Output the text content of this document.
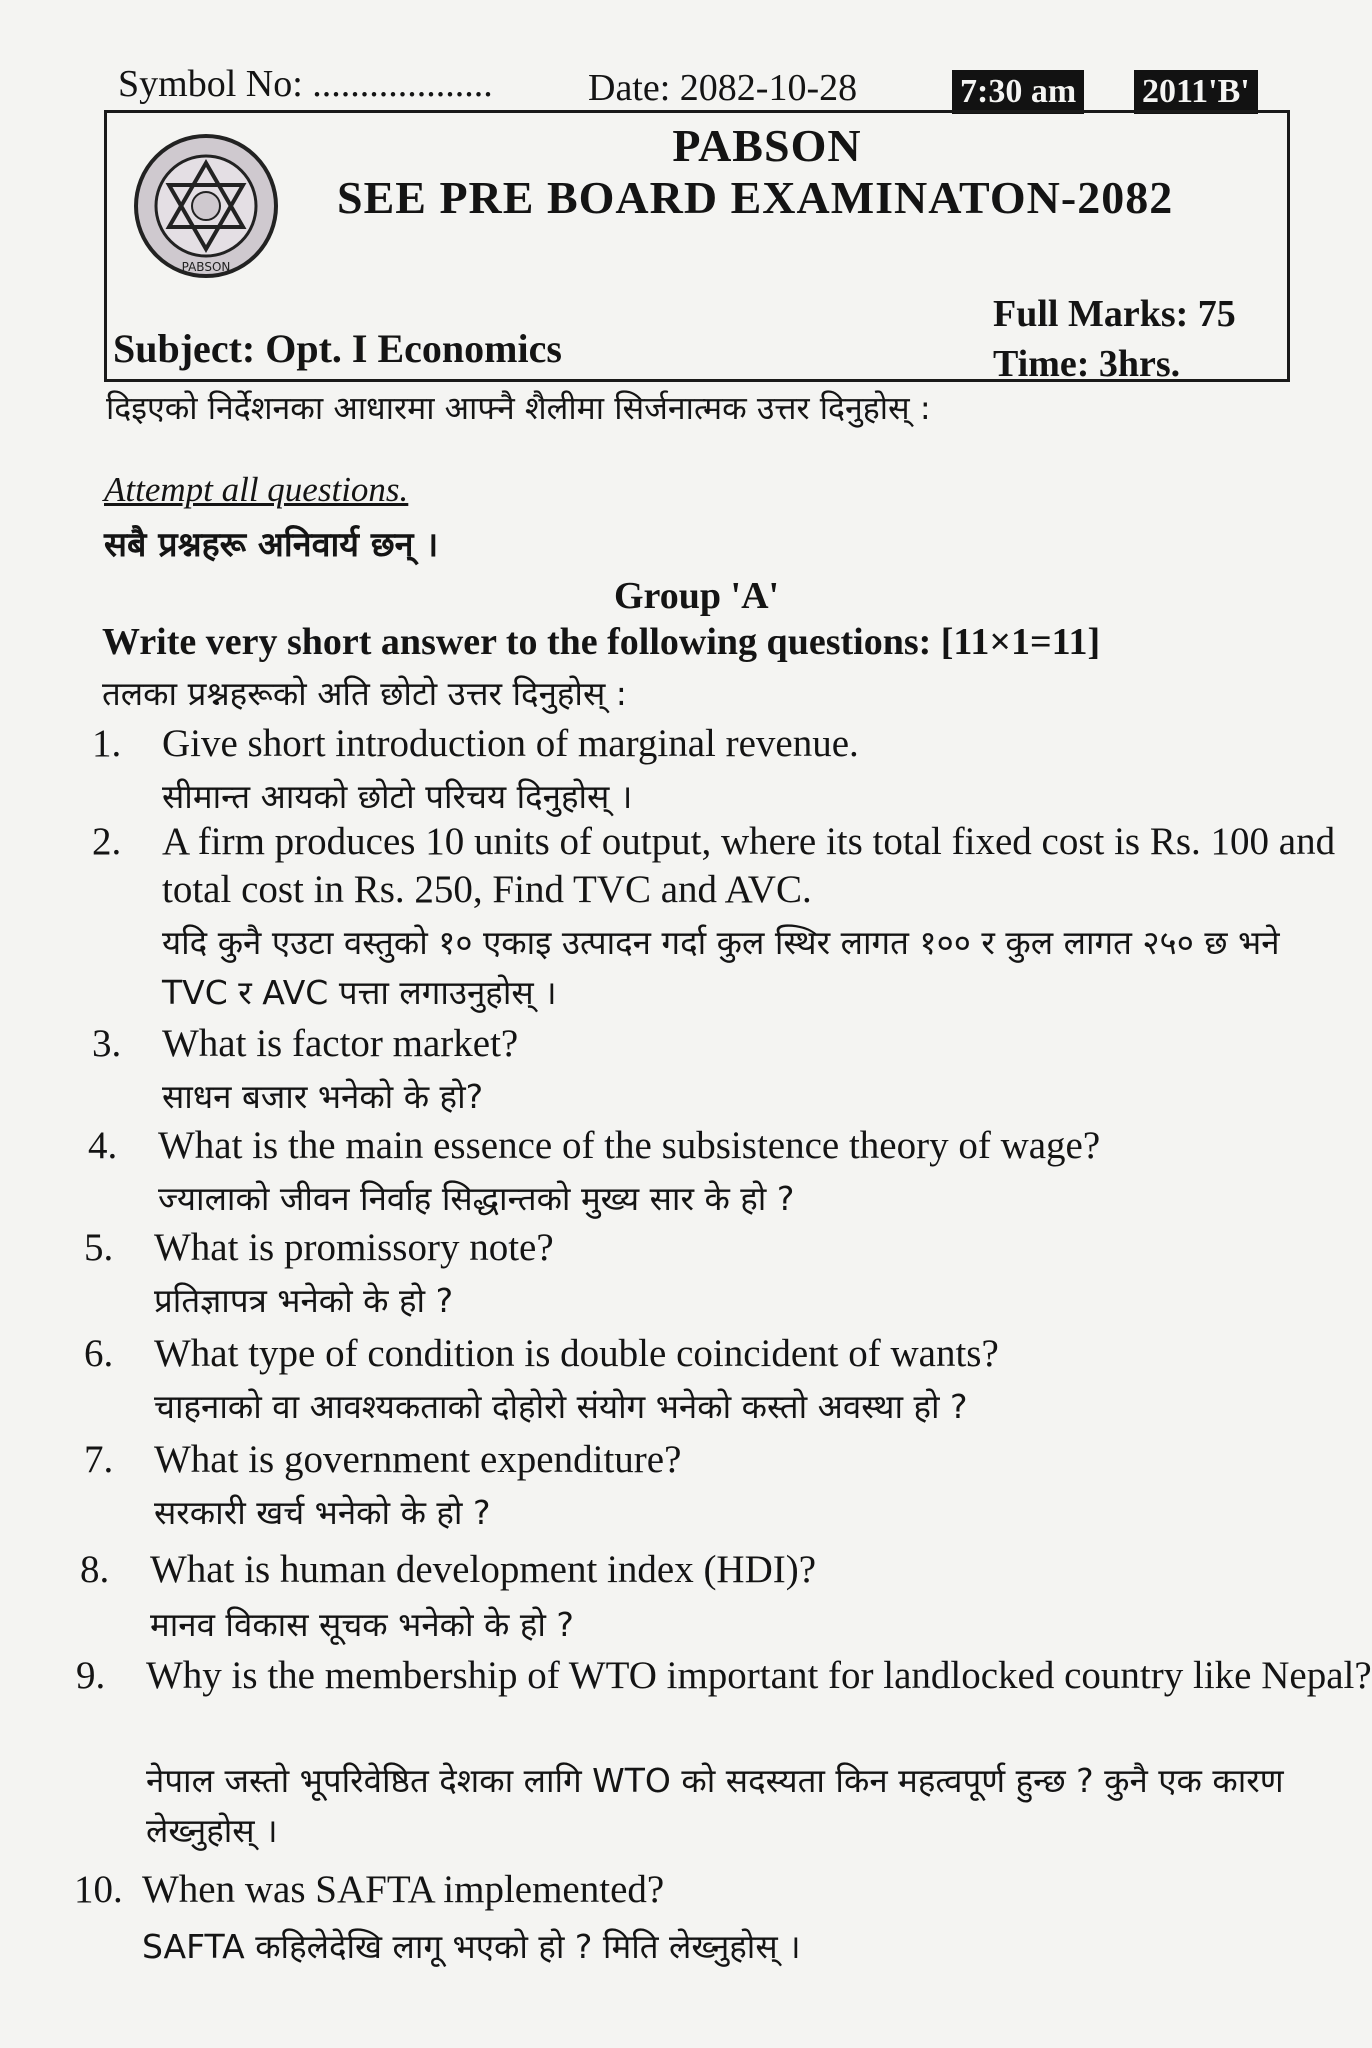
Symbol No: ...................	Date: 2082-10-28	7:30 am 2011'B'
PABSON
PABSON
SEE PRE BOARD EXAMINATON-2082
Subject: Opt. I Economics
Full Marks: 75
Time: 3hrs.
दिइएको निर्देशनका आधारमा आफ्नै शैलीमा सिर्जनात्मक उत्तर दिनुहोस् :
Attempt all questions.
सबै प्रश्नहरू अनिवार्य छन् ।
Group 'A'
Write very short answer to the following questions: [11×1=11]
तलका प्रश्नहरूको अति छोटो उत्तर दिनुहोस् :
1. Give short introduction of marginal revenue.
सीमान्त आयको छोटो परिचय दिनुहोस् ।
2. A firm produces 10 units of output, where its total fixed cost is Rs. 100 and total cost in Rs. 250, Find TVC and AVC.
यदि कुनै एउटा वस्तुको १० एकाइ उत्पादन गर्दा कुल स्थिर लागत १०० र कुल लागत २५० छ भने TVC र AVC पत्ता लगाउनुहोस् ।
3. What is factor market?
साधन बजार भनेको के हो?
4. What is the main essence of the subsistence theory of wage?
ज्यालाको जीवन निर्वाह सिद्धान्तको मुख्य सार के हो ?
5. What is promissory note?
प्रतिज्ञापत्र भनेको के हो ?
6. What type of condition is double coincident of wants?
चाहनाको वा आवश्यकताको दोहोरो संयोग भनेको कस्तो अवस्था हो ?
7. What is government expenditure?
सरकारी खर्च भनेको के हो ?
8. What is human development index (HDI)?
मानव विकास सूचक भनेको के हो ?
9. Why is the membership of WTO important for landlocked country like Nepal?
नेपाल जस्तो भूपरिवेष्ठित देशका लागि WTO को सदस्यता किन महत्वपूर्ण हुन्छ ? कुनै एक कारण लेख्नुहोस् ।
10. When was SAFTA implemented?
SAFTA कहिलेदेखि लागू भएको हो ? मिति लेख्नुहोस् ।
